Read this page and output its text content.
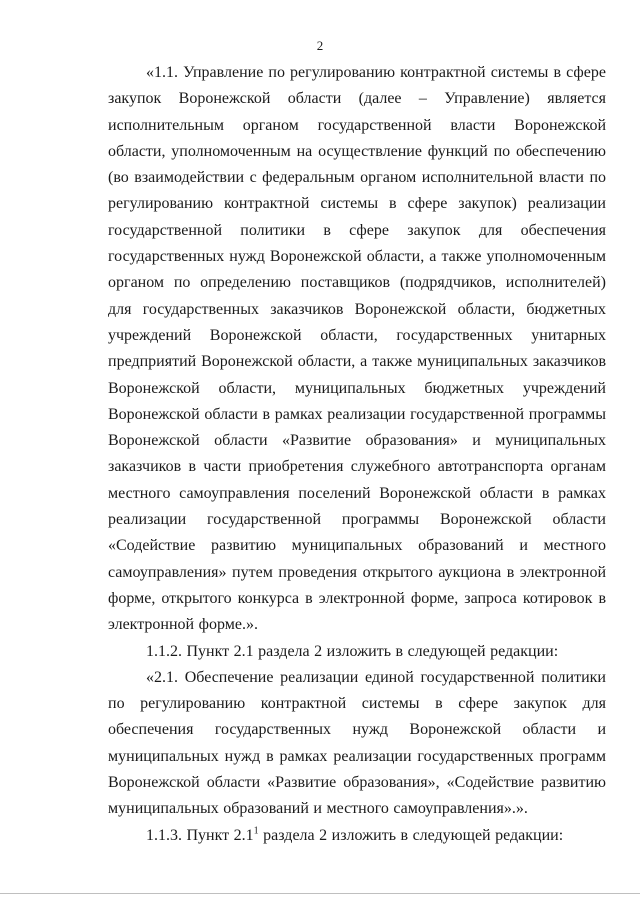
2

«1.1. Управление по регулированию контрактной системы в сфере закупок Воронежской области (далее – Управление) является исполнительным органом государственной власти Воронежской области, уполномоченным на осуществление функций по обеспечению (во взаимодействии с федеральным органом исполнительной власти по регулированию контрактной системы в сфере закупок) реализации государственной политики в сфере закупок для обеспечения государственных нужд Воронежской области, а также уполномоченным органом по определению поставщиков (подрядчиков, исполнителей) для государственных заказчиков Воронежской области, бюджетных учреждений Воронежской области, государственных унитарных предприятий Воронежской области, а также муниципальных заказчиков Воронежской области, муниципальных бюджетных учреждений Воронежской области в рамках реализации государственной программы Воронежской области «Развитие образования» и муниципальных заказчиков в части приобретения служебного автотранспорта органам местного самоуправления поселений Воронежской области в рамках реализации государственной программы Воронежской области «Содействие развитию муниципальных образований и местного самоуправления» путем проведения открытого аукциона в электронной форме, открытого конкурса в электронной форме, запроса котировок в электронной форме.».

1.1.2. Пункт 2.1 раздела 2 изложить в следующей редакции:

«2.1. Обеспечение реализации единой государственной политики по регулированию контрактной системы в сфере закупок для обеспечения государственных нужд Воронежской области и муниципальных нужд в рамках реализации государственных программ Воронежской области «Развитие образования», «Содействие развитию муниципальных образований и местного самоуправления».».

1.1.3. Пункт $2.1^1$ раздела 2 изложить в следующей редакции:
